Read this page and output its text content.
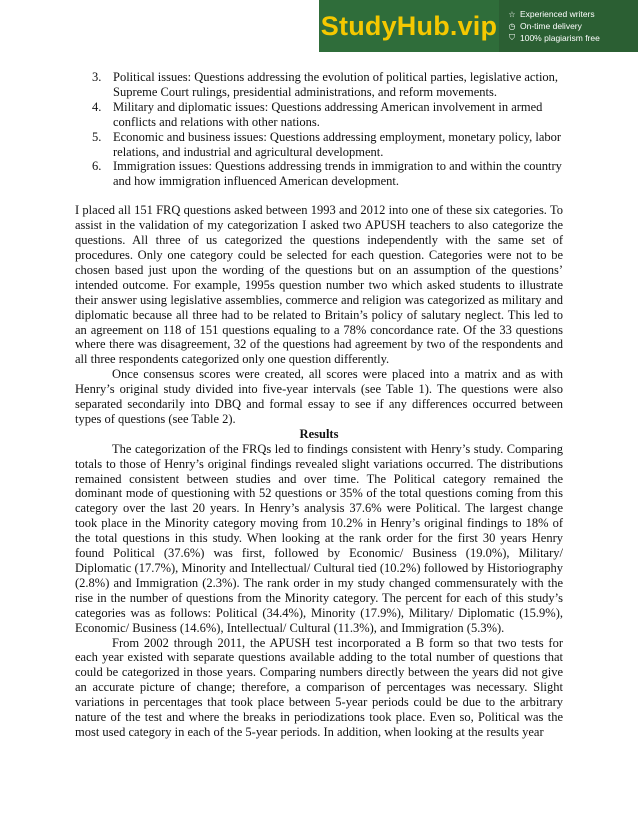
StudyHub.vip ☆ Experienced writers
◷ On-time delivery
⛉ 100% plagiarism free
3. Political issues: Questions addressing the evolution of political parties, legislative action, Supreme Court rulings, presidential administrations, and reform movements.
4. Military and diplomatic issues: Questions addressing American involvement in armed conflicts and relations with other nations.
5. Economic and business issues: Questions addressing employment, monetary policy, labor relations, and industrial and agricultural development.
6. Immigration issues: Questions addressing trends in immigration to and within the country and how immigration influenced American development.

I placed all 151 FRQ questions asked between 1993 and 2012 into one of these six categories. To assist in the validation of my categorization I asked two APUSH teachers to also categorize the questions. All three of us categorized the questions independently with the same set of procedures. Only one category could be selected for each question. Categories were not to be chosen based just upon the wording of the questions but on an assumption of the questions’ intended outcome. For example, 1995s question number two which asked students to illustrate their answer using legislative assemblies, commerce and religion was categorized as military and diplomatic because all three had to be related to Britain’s policy of salutary neglect. This led to an agreement on 118 of 151 questions equaling to a 78% concordance rate. Of the 33 questions where there was disagreement, 32 of the questions had agreement by two of the respondents and all three respondents categorized only one question differently.

Once consensus scores were created, all scores were placed into a matrix and as with Henry’s original study divided into five-year intervals (see Table 1). The questions were also separated secondarily into DBQ and formal essay to see if any differences occurred between types of questions (see Table 2).

Results

The categorization of the FRQs led to findings consistent with Henry’s study. Comparing totals to those of Henry’s original findings revealed slight variations occurred. The distributions remained consistent between studies and over time. The Political category remained the dominant mode of questioning with 52 questions or 35% of the total questions coming from this category over the last 20 years. In Henry’s analysis 37.6% were Political. The largest change took place in the Minority category moving from 10.2% in Henry’s original findings to 18% of the total questions in this study. When looking at the rank order for the first 30 years Henry found Political (37.6%) was first, followed by Economic/ Business (19.0%), Military/ Diplomatic (17.7%), Minority and Intellectual/ Cultural tied (10.2%) followed by Historiography (2.8%) and Immigration (2.3%). The rank order in my study changed commensurately with the rise in the number of questions from the Minority category. The percent for each of this study’s categories was as follows: Political (34.4%), Minority (17.9%), Military/ Diplomatic (15.9%), Economic/ Business (14.6%), Intellectual/ Cultural (11.3%), and Immigration (5.3%).

From 2002 through 2011, the APUSH test incorporated a B form so that two tests for each year existed with separate questions available adding to the total number of questions that could be categorized in those years. Comparing numbers directly between the years did not give an accurate picture of change; therefore, a comparison of percentages was necessary. Slight variations in percentages that took place between 5-year periods could be due to the arbitrary nature of the test and where the breaks in periodizations took place. Even so, Political was the most used category in each of the 5-year periods. In addition, when looking at the results year
